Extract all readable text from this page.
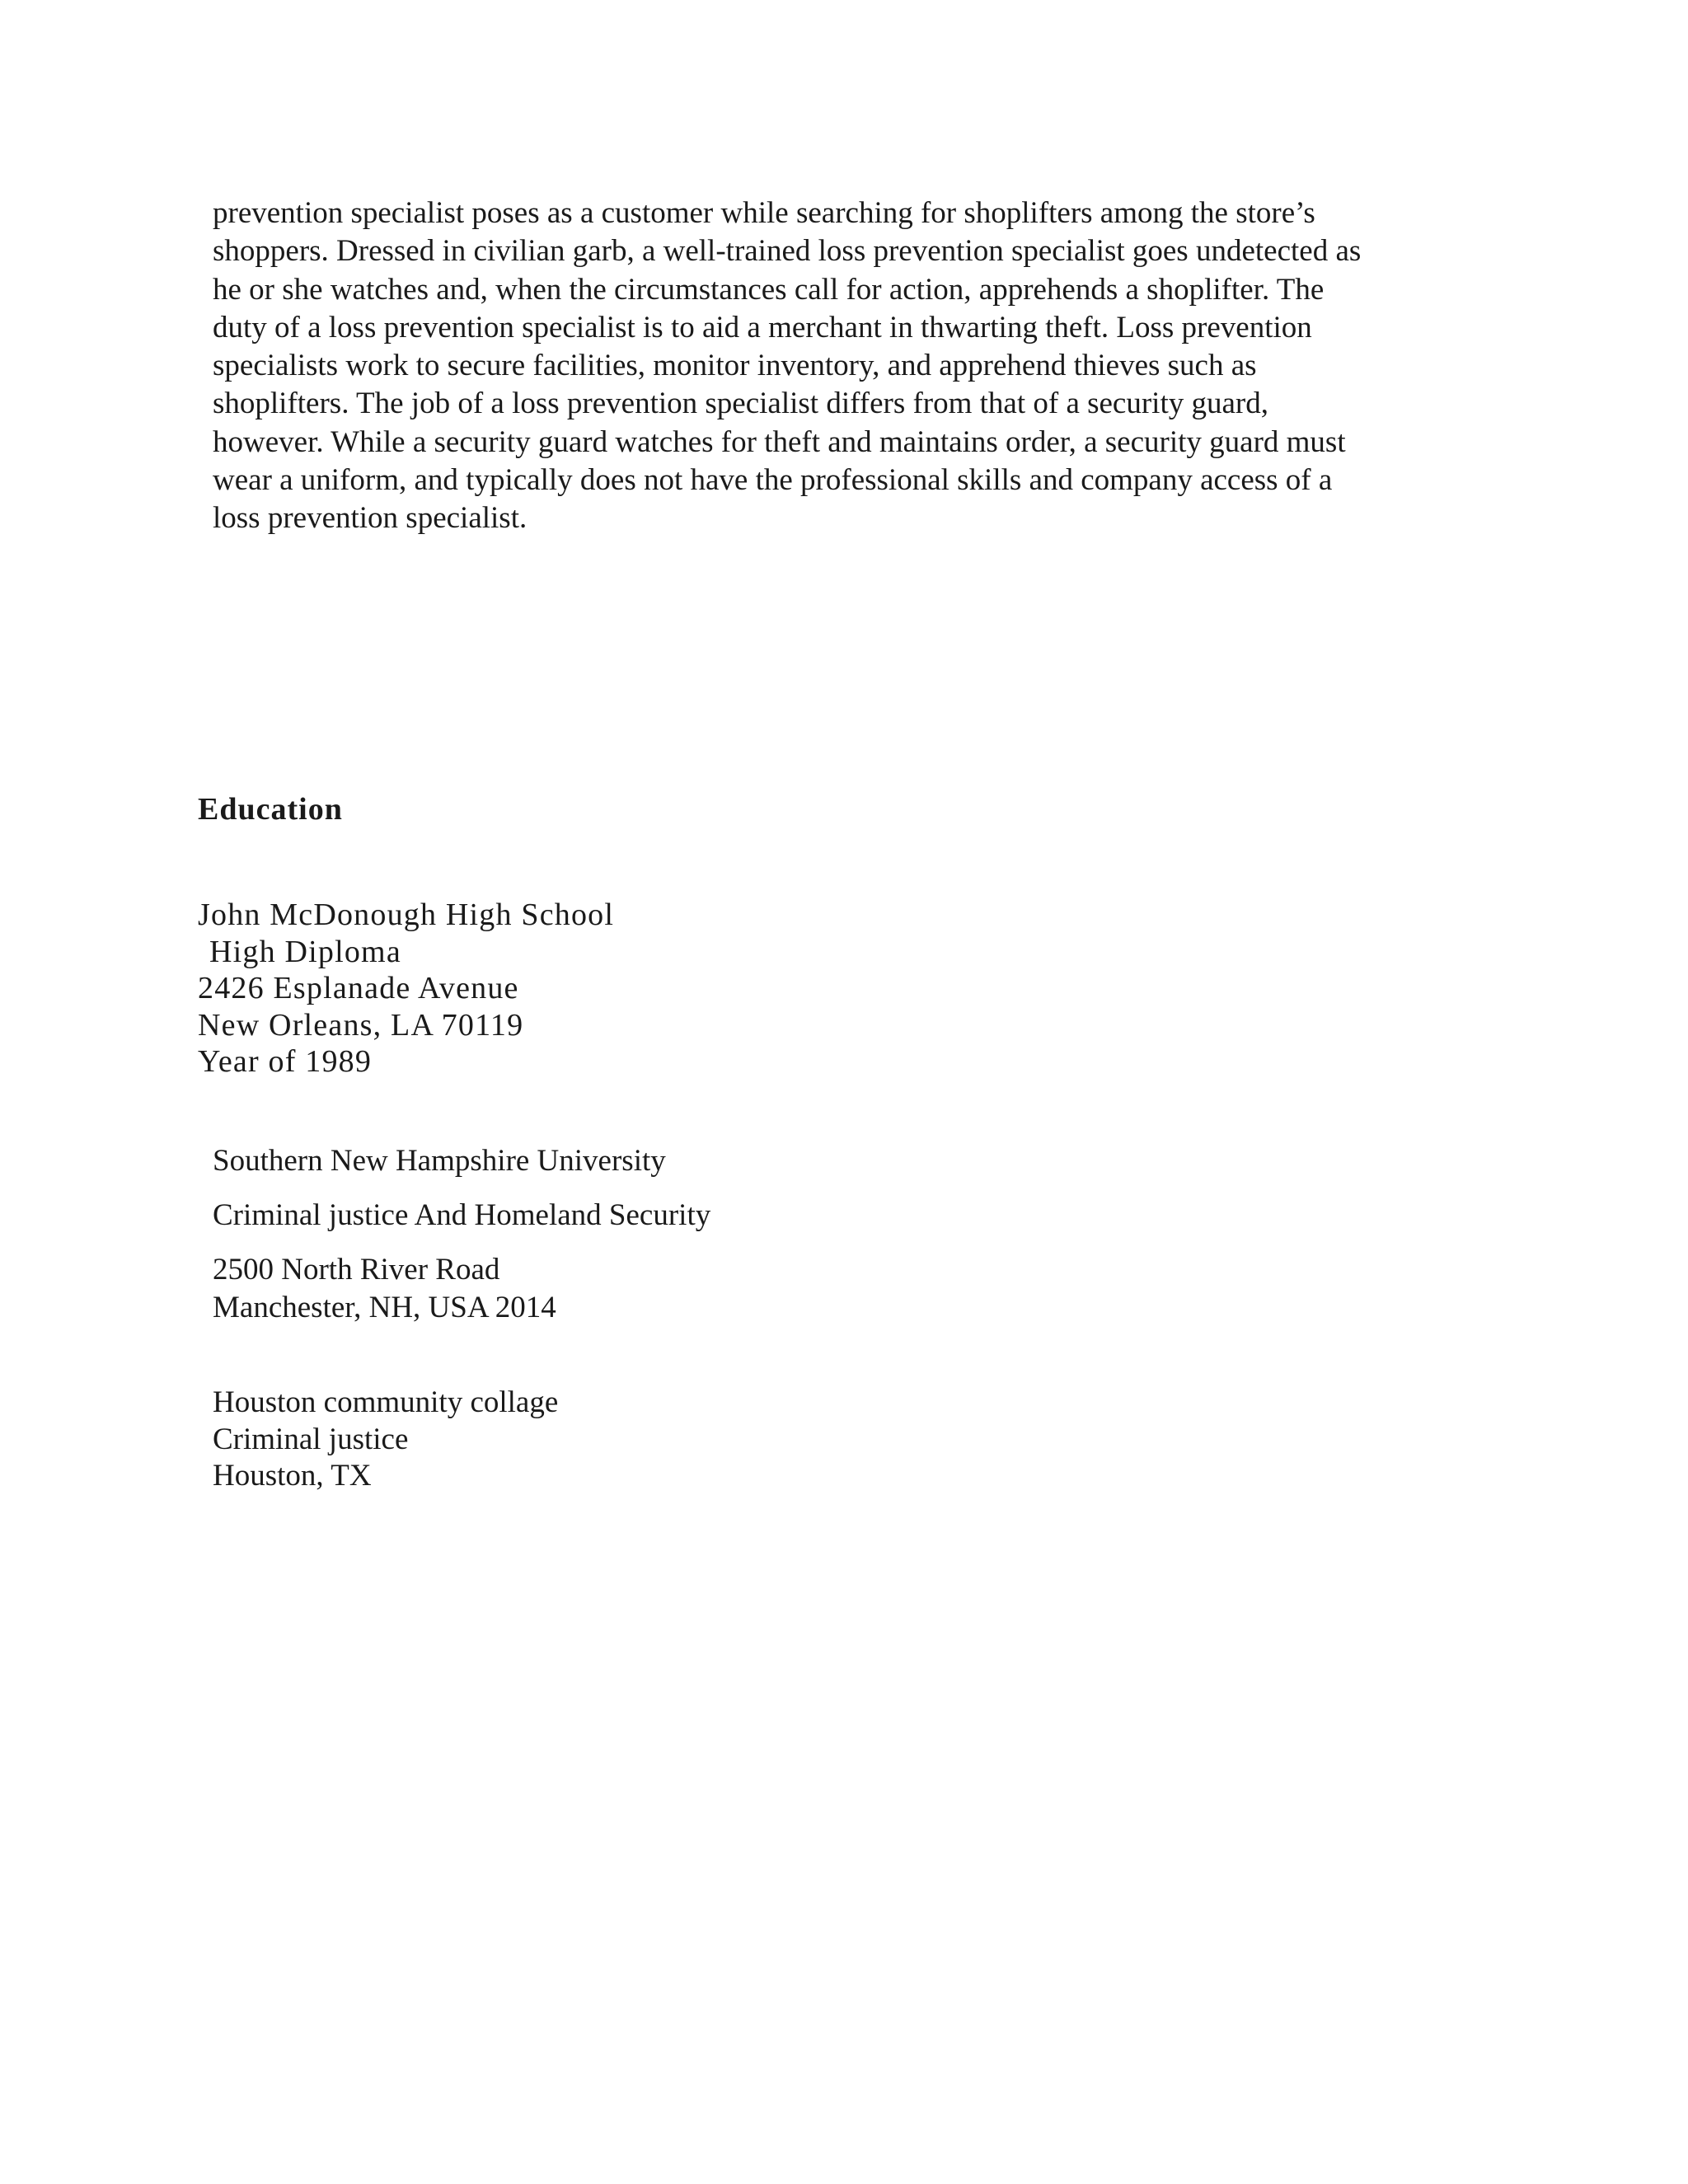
prevention specialist poses as a customer while searching for shoplifters among the store’s
shoppers. Dressed in civilian garb, a well-trained loss prevention specialist goes undetected as
he or she watches and, when the circumstances call for action, apprehends a shoplifter. The
duty of a loss prevention specialist is to aid a merchant in thwarting theft. Loss prevention
specialists work to secure facilities, monitor inventory, and apprehend thieves such as
shoplifters. The job of a loss prevention specialist differs from that of a security guard,
however. While a security guard watches for theft and maintains order, a security guard must
wear a uniform, and typically does not have the professional skills and company access of a
loss prevention specialist.

Education
John McDonough High School
High Diploma
2426 Esplanade Avenue
New Orleans, LA 70119
Year of 1989
Southern New Hampshire University
Criminal justice And Homeland Security
2500 North River Road
Manchester, NH, USA 2014
Houston community collage
Criminal justice
Houston, TX
